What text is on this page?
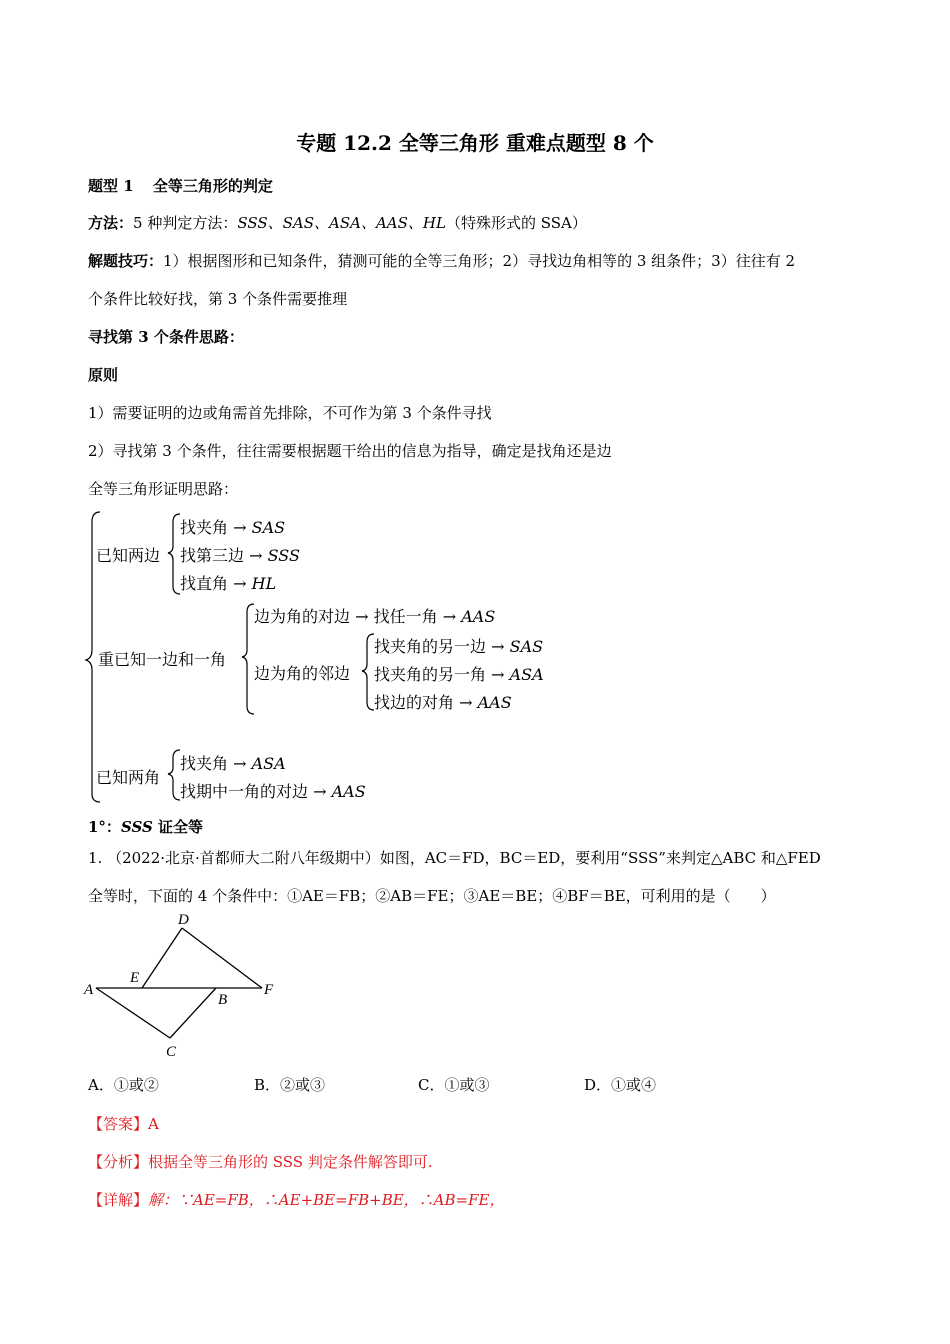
专题 12.2 全等三角形 重难点题型 8 个
题型 1 全等三角形的判定
方法：5 种判定方法：SSS、SAS、ASA、AAS、HL（特殊形式的 SSA）
解题技巧：1）根据图形和已知条件，猜测可能的全等三角形；2）寻找边角相等的 3 组条件；3）往往有 2
个条件比较好找，第 3 个条件需要推理
寻找第 3 个条件思路：
原则
1）需要证明的边或角需首先排除，不可作为第 3 个条件寻找
2）寻找第 3 个条件，往往需要根据题干给出的信息为指导，确定是找角还是边
全等三角形证明思路：
已知两边
找夹角 → SAS
找第三边 → SSS
找直角 → HL
重已知一边和一角
边为角的对边 → 找任一角 → AAS
边为角的邻边
找夹角的另一边 → SAS
找夹角的另一角 → ASA
找边的对角 → AAS
已知两角
找夹角 → ASA
找期中一角的对边 → AAS
1°：SSS 证全等
1. （2022·北京·首都师大二附八年级期中）如图，AC＝FD，BC＝ED，要利用“SSS”来判定△ABC 和△FED
全等时，下面的 4 个条件中：①AE＝FB；②AB＝FE；③AE＝BE；④BF＝BE，可利用的是（　　）
A
E
D
B
F
C
A．①或②	B．②或③	C．①或③	D．①或④
【答案】A
【分析】根据全等三角形的 SSS 判定条件解答即可.
【详解】解：∵AE=FB，∴AE+BE=FB+BE，∴AB=FE，
